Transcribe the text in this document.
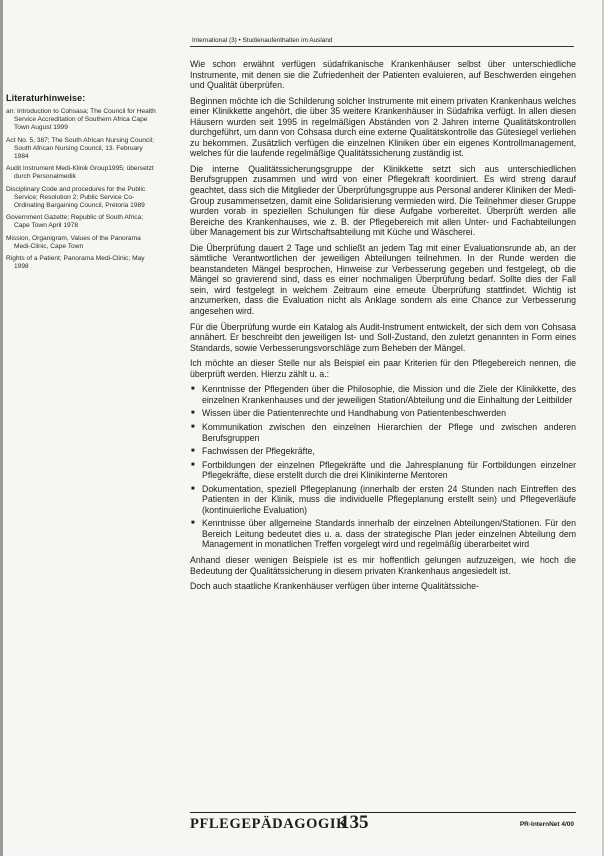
International (3) • Studienaufenthalten im Ausland
Literaturhinweise:
an: Introduction to Cohsasa; The Council for Health Service Accreditation of Southern Africa Cape Town August 1999
Act No. 5, 387; The South African Nursing Council; South African Nursing Council, 13. February 1984
Audit Instrument Medi-Klinik Group1995; übersetzt durch Personalmedik
Disciplinary Code and procedures for the Public Service; Resolution 2; Public Service Co-Ordinating Bargaining Council, Pretoria 1989
Government Gazette; Republic of South Africa; Cape Town April 1978
Mission, Organigram, Values of the Panorama Medi-Clinic, Cape Town
Rights of a Patient; Panorama Medi-Clinic; May 1998

Wie schon erwähnt verfügen südafrikanische Krankenhäuser selbst über unterschiedliche Instrumente, mit denen sie die Zufriedenheit der Patienten evaluieren, auf Beschwerden eingehen und Qualität überprüfen.

Beginnen möchte ich die Schilderung solcher Instrumente mit einem privaten Krankenhaus welches einer Klinikkette angehört, die über 35 weitere Krankenhäuser in Südafrika verfügt. In allen diesen Häusern wurden seit 1995 in regelmäßigen Abständen von 2 Jahren interne Qualitätskontrollen durchgeführt, um dann von Cohsasa durch eine externe Qualitätskontrolle das Gütesiegel verliehen zu bekommen. Zusätzlich verfügen die einzelnen Kliniken über ein eigenes Kontrollmanagement, welches für die laufende regelmäßige Qualitätssicherung zuständig ist.

Die interne Qualitätssicherungsgruppe der Klinikkette setzt sich aus unterschiedlichen Berufsgruppen zusammen und wird von einer Pflegekraft koordiniert. Es wird streng darauf geachtet, dass sich die Mitglieder der Überprüfungsgruppe aus Personal anderer Kliniken der Medi-Group zusammensetzen, damit eine Solidarisierung vermieden wird. Die Teilnehmer dieser Gruppe wurden vorab in speziellen Schulungen für diese Aufgabe vorbereitet. Überprüft werden alle Bereiche des Krankenhauses, wie z. B. der Pflegebereich mit allen Unter- und Fachabteilungen über Management bis zur Wirtschaftsabteilung mit Küche und Wäscherei.

Die Überprüfung dauert 2 Tage und schließt an jedem Tag mit einer Evaluationsrunde ab, an der sämtliche Verantwortlichen der jeweiligen Abteilungen teilnehmen. In der Runde werden die beanstandeten Mängel besprochen, Hinweise zur Verbesserung gegeben und festgelegt, ob die Mängel so gravierend sind, dass es einer nochmaligen Überprüfung bedarf. Sollte dies der Fall sein, wird festgelegt in welchem Zeitraum eine erneute Überprüfung stattfindet. Wichtig ist anzumerken, dass die Evaluation nicht als Anklage sondern als eine Chance zur Verbesserung angesehen wird.

Für die Überprüfung wurde ein Katalog als Audit-Instrument entwickelt, der sich dem von Cohsasa annähert. Er beschreibt den jeweiligen Ist- und Soll-Zustand, den zuletzt genannten in Form eines Standards, sowie Verbesserungsvorschläge zum Beheben der Mängel.

Ich möchte an dieser Stelle nur als Beispiel ein paar Kriterien für den Pflegebereich nennen, die überprüft werden. Hierzu zählt u. a.:

■ Kenntnisse der Pflegenden über die Philosophie, die Mission und die Ziele der Klinikkette, des einzelnen Krankenhauses und der jeweiligen Station/Abteilung und die Einhaltung der Leitbilder
■ Wissen über die Patientenrechte und Handhabung von Patientenbeschwerden
■ Kommunikation zwischen den einzelnen Hierarchien der Pflege und zwischen anderen Berufsgruppen
■ Fachwissen der Pflegekräfte,
■ Fortbildungen der einzelnen Pflegekräfte und die Jahresplanung für Fortbildungen einzelner Pflegekräfte, diese erstellt durch die drei Klinikinterne Mentoren
■ Dokumentation, speziell Pflegeplanung (innerhalb der ersten 24 Stunden nach Eintreffen des Patienten in der Klinik, muss die individuelle Pflegeplanung erstellt sein) und Pflegeverläufe (kontinuierliche Evaluation)
■ Kenntnisse über allgemeine Standards innerhalb der einzelnen Abteilungen/Stationen. Für den Bereich Leitung bedeutet dies u. a. dass der strategische Plan jeder einzelnen Abteilung dem Management in monatlichen Treffen vorgelegt wird und regelmäßig überarbeitet wird

Anhand dieser wenigen Beispiele ist es mir hoffentlich gelungen aufzuzeigen, wie hoch die Bedeutung der Qualitätssicherung in diesem privaten Krankenhaus angesiedelt ist.

Doch auch staatliche Krankenhäuser verfügen über interne Qualitätssiche-

PFLEGEPÄDAGOGIK
135	PR-InternNet 4/00
